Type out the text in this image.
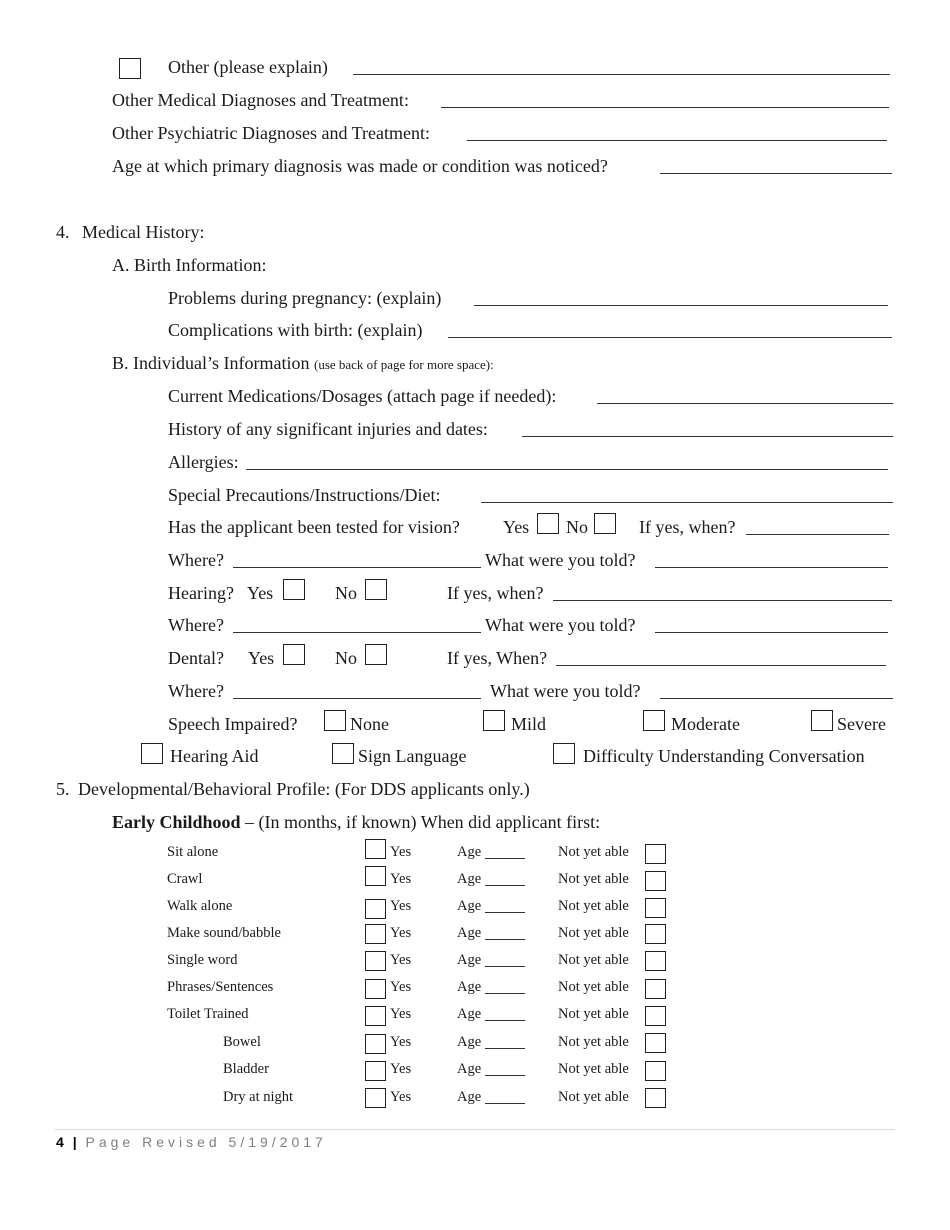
Other (please explain)
Other Medical Diagnoses and Treatment:
Other Psychiatric Diagnoses and Treatment:
Age at which primary diagnosis was made or condition was noticed?
4. Medical History:
A. Birth Information:
Problems during pregnancy: (explain)
Complications with birth: (explain)
B. Individual’s Information (use back of page for more space):
Current Medications/Dosages (attach page if needed):
History of any significant injuries and dates:
Allergies:
Special Precautions/Instructions/Diet:
Has the applicant been tested for vision? Yes No	If yes, when?
Where?	What were you told?
Hearing? Yes	No	If yes, when?
Where?	What were you told?
Dental? Yes	No	If yes, When?
Where?	What were you told?
Speech Impaired?	None	Mild	Moderate	Severe
Hearing Aid	Sign Language	Difficulty Understanding Conversation
5. Developmental/Behavioral Profile: (For DDS applicants only.)
Early Childhood – (In months, if known) When did applicant first:
Sit alone	Yes	Age	Not yet able
Crawl	Yes	Age	Not yet able
Walk alone	Yes	Age	Not yet able
Make sound/babble	Yes	Age	Not yet able
Single word	Yes	Age	Not yet able
Phrases/Sentences	Yes	Age	Not yet able
Toilet Trained	Yes	Age	Not yet able
Bowel	Yes	Age	Not yet able
Bladder	Yes	Age	Not yet able
Dry at night	Yes	Age	Not yet able
4 | Page Revised 5/19/2017
